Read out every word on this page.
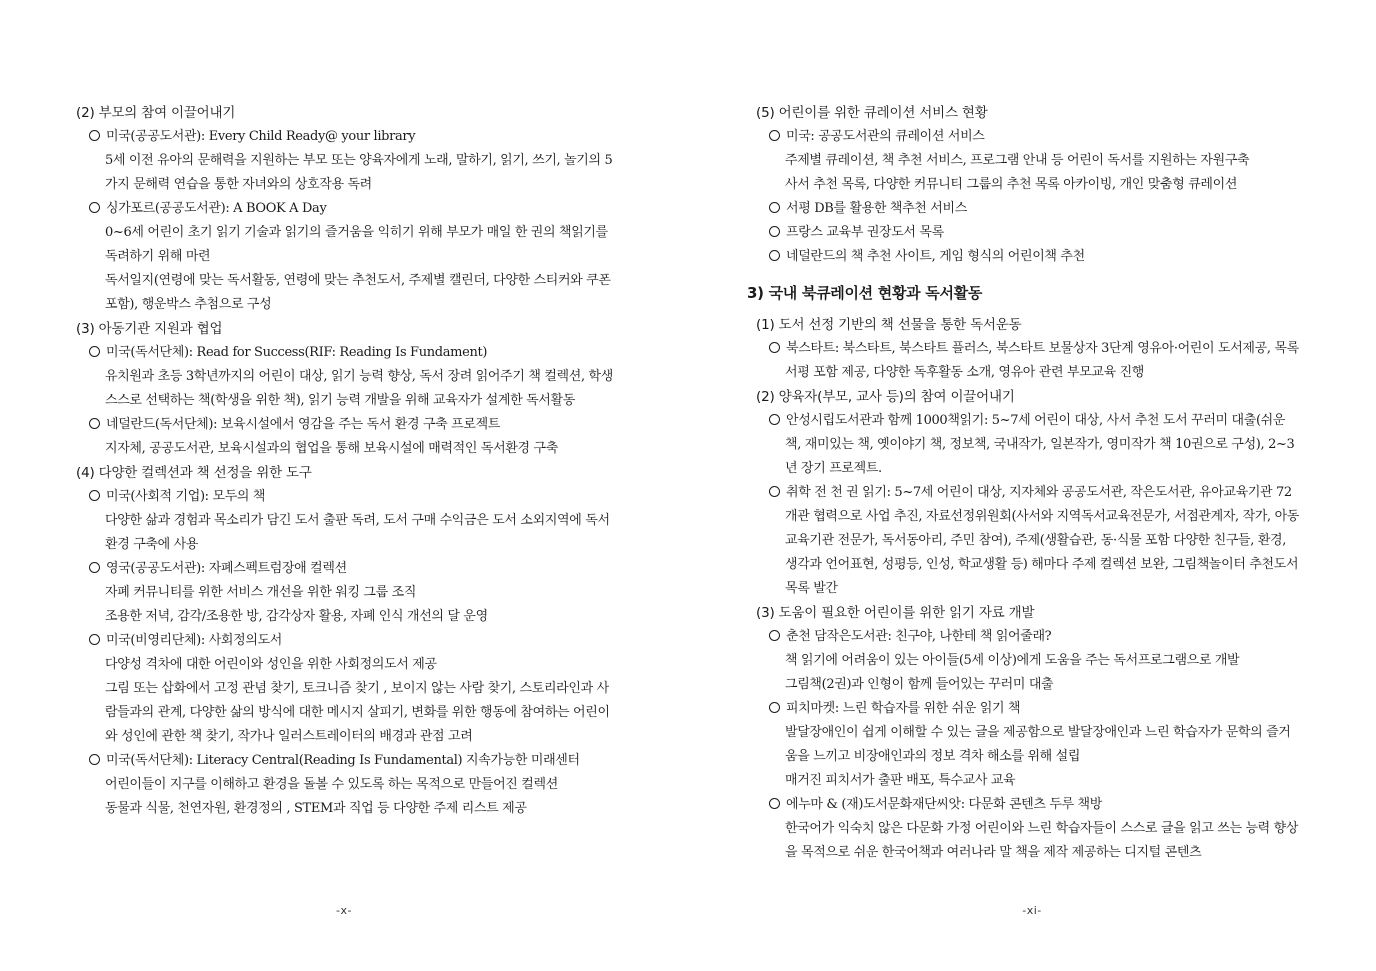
(2) 부모의 참여 이끌어내기
미국(공공도서관): Every Child Ready@ your library
5세 이전 유아의 문해력을 지원하는 부모 또는 양육자에게 노래, 말하기, 읽기, 쓰기, 놀기의 5
가지 문해력 연습을 통한 자녀와의 상호작용 독려
싱가포르(공공도서관): A BOOK A Day
0~6세 어린이 초기 읽기 기술과 읽기의 즐거움을 익히기 위해 부모가 매일 한 권의 책읽기를
독려하기 위해 마련
독서일지(연령에 맞는 독서활동, 연령에 맞는 추천도서, 주제별 캘린더, 다양한 스티커와 쿠폰
포함), 행운박스 추첨으로 구성
(3) 아동기관 지원과 협업
미국(독서단체): Read for Success(RIF: Reading Is Fundament)
유치원과 초등 3학년까지의 어린이 대상, 읽기 능력 향상, 독서 장려 읽어주기 책 컬렉션, 학생
스스로 선택하는 책(학생을 위한 책), 읽기 능력 개발을 위해 교육자가 설계한 독서활동
네덜란드(독서단체): 보육시설에서 영감을 주는 독서 환경 구축 프로젝트
지자체, 공공도서관, 보육시설과의 협업을 통해 보육시설에 매력적인 독서환경 구축
(4) 다양한 컬렉션과 책 선정을 위한 도구
미국(사회적 기업): 모두의 책
다양한 삶과 경험과 목소리가 담긴 도서 출판 독려, 도서 구매 수익금은 도서 소외지역에 독서
환경 구축에 사용
영국(공공도서관): 자폐스펙트럼장애 컬렉션
자폐 커뮤니티를 위한 서비스 개선을 위한 워킹 그룹 조직
조용한 저녁, 감각/조용한 방, 감각상자 활용, 자폐 인식 개선의 달 운영
미국(비영리단체): 사회정의도서
다양성 격차에 대한 어린이와 성인을 위한 사회정의도서 제공
그림 또는 삽화에서 고정 관념 찾기, 토크니즘 찾기 , 보이지 않는 사람 찾기, 스토리라인과 사
람들과의 관계, 다양한 삶의 방식에 대한 메시지 살피기, 변화를 위한 행동에 참여하는 어린이
와 성인에 관한 책 찾기, 작가나 일러스트레이터의 배경과 관점 고려
미국(독서단체): Literacy Central(Reading Is Fundamental) 지속가능한 미래센터
어린이들이 지구를 이해하고 환경을 돌볼 수 있도록 하는 목적으로 만들어진 컬렉션
동물과 식물, 천연자원, 환경정의 , STEM과 직업 등 다양한 주제 리스트 제공
-x-
(5) 어린이를 위한 큐레이션 서비스 현황
미국: 공공도서관의 큐레이션 서비스
주제별 큐레이션, 책 추천 서비스, 프로그램 안내 등 어린이 독서를 지원하는 자원구축
사서 추천 목록, 다양한 커뮤니티 그룹의 추천 목록 아카이빙, 개인 맞춤형 큐레이션
서평 DB를 활용한 책추천 서비스
프랑스 교육부 권장도서 목록
네덜란드의 책 추천 사이트, 게임 형식의 어린이책 추천
3) 국내 북큐레이션 현황과 독서활동
(1) 도서 선정 기반의 책 선물을 통한 독서운동
북스타트: 북스타트, 북스타트 플러스, 북스타트 보물상자 3단계 영유아·어린이 도서제공, 목록
서평 포함 제공, 다양한 독후활동 소개, 영유아 관련 부모교육 진행
(2) 양육자(부모, 교사 등)의 참여 이끌어내기
안성시립도서관과 함께 1000책읽기: 5~7세 어린이 대상, 사서 추천 도서 꾸러미 대출(쉬운
책, 재미있는 책, 옛이야기 책, 정보책, 국내작가, 일본작가, 영미작가 책 10권으로 구성), 2~3
년 장기 프로젝트.
취학 전 천 권 읽기: 5~7세 어린이 대상, 지자체와 공공도서관, 작은도서관, 유아교육기관 72
개관 협력으로 사업 추진, 자료선정위원회(사서와 지역독서교육전문가, 서점관계자, 작가, 아동
교육기관 전문가, 독서동아리, 주민 참여), 주제(생활습관, 동·식물 포함 다양한 친구들, 환경,
생각과 언어표현, 성평등, 인성, 학교생활 등) 해마다 주제 컬렉션 보완, 그림책놀이터 추천도서
목록 발간
(3) 도움이 필요한 어린이를 위한 읽기 자료 개발
춘천 담작은도서관: 친구야, 나한테 책 읽어줄래?
책 읽기에 어려움이 있는 아이들(5세 이상)에게 도움을 주는 독서프로그램으로 개발
그림책(2권)과 인형이 함께 들어있는 꾸러미 대출
피치마켓: 느린 학습자를 위한 쉬운 읽기 책
발달장애인이 쉽게 이해할 수 있는 글을 제공함으로 발달장애인과 느린 학습자가 문학의 즐거
움을 느끼고 비장애인과의 정보 격차 해소를 위해 설립
매거진 피치서가 출판 배포, 특수교사 교육
에누마 & (재)도서문화재단씨앗: 다문화 콘텐츠 두루 책방
한국어가 익숙치 않은 다문화 가정 어린이와 느린 학습자들이 스스로 글을 읽고 쓰는 능력 향상
을 목적으로 쉬운 한국어책과 여러나라 말 책을 제작 제공하는 디지털 콘텐츠
-xi-
